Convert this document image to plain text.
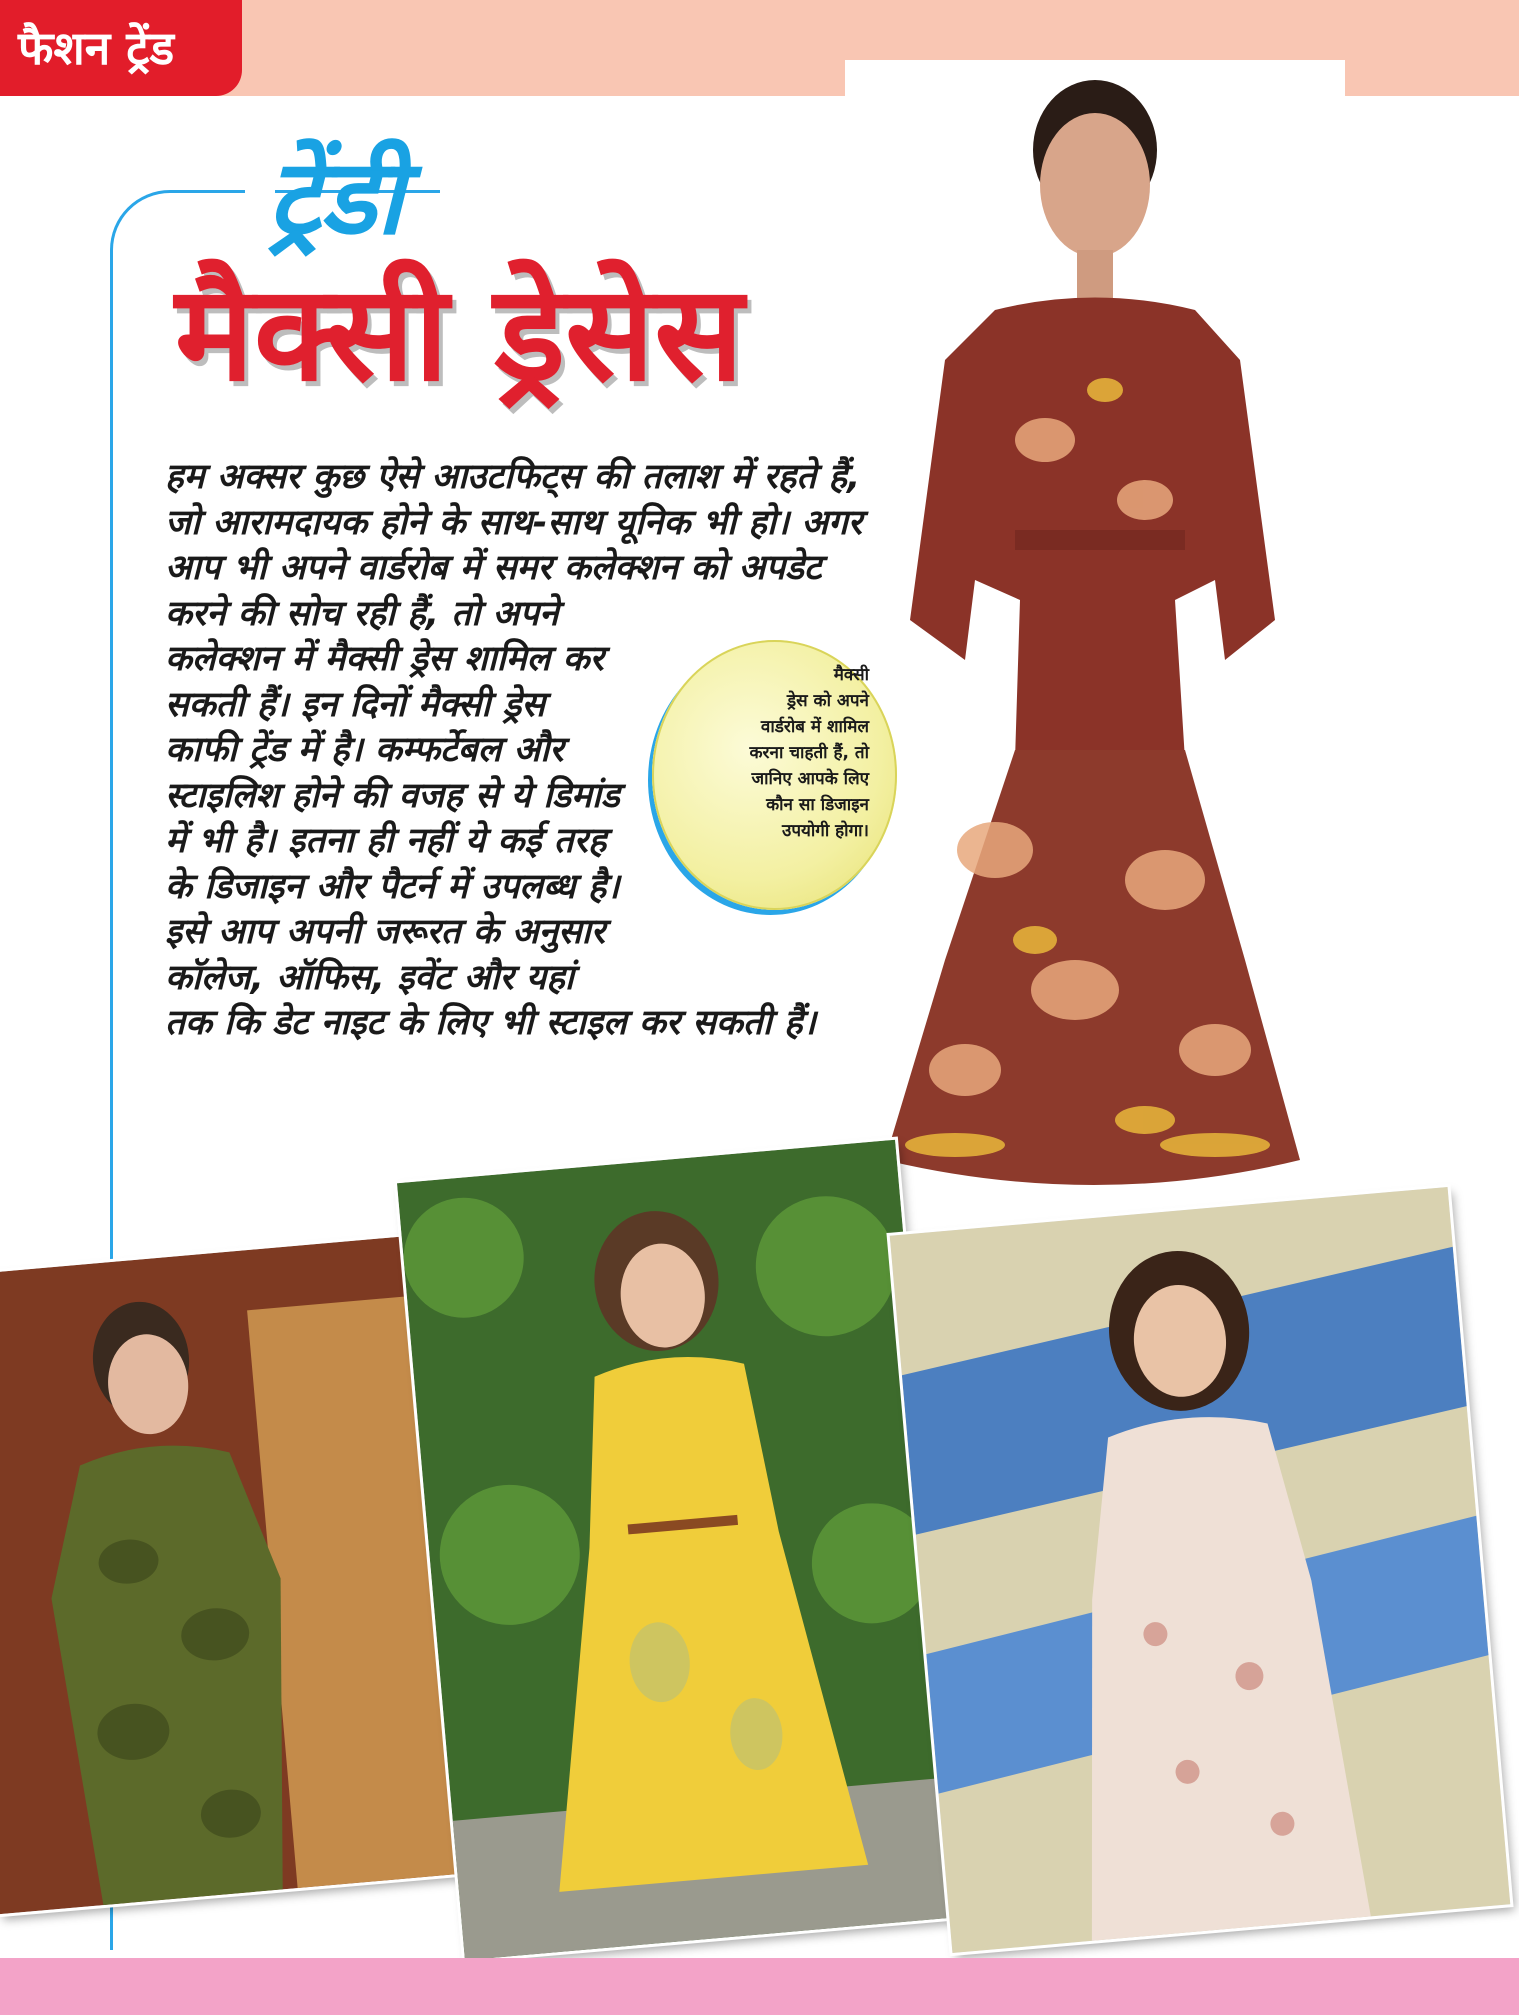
फैशन ट्रेंड
ट्रेंडी
मैक्सी ड्रेसेस

हम अक्सर कुछ ऐसे आउटफिट्स की तलाश में रहते हैं, जो आरामदायक होने के साथ-साथ यूनिक भी हो। अगर आप भी अपने वार्डरोब में समर कलेक्शन को अपडेट करने की सोच रही हैं, तो अपने कलेक्शन में मैक्सी ड्रेस शामिल कर सकती हैं। इन दिनों मैक्सी ड्रेस काफी ट्रेंड में है। कम्फर्टेबल और स्टाइलिश होने की वजह से ये डिमांड में भी है। इतना ही नहीं ये कई तरह के डिजाइन और पैटर्न में उपलब्ध है। इसे आप अपनी जरूरत के अनुसार कॉलेज, ऑफिस, इवेंट और यहां तक कि डेट नाइट के लिए भी स्टाइल कर सकती हैं।

मैक्सी

ड्रेस को अपने

वार्डरोब में शामिल

करना चाहती हैं, तो

जानिए आपके लिए

कौन सा डिजाइन

उपयोगी होगा।
